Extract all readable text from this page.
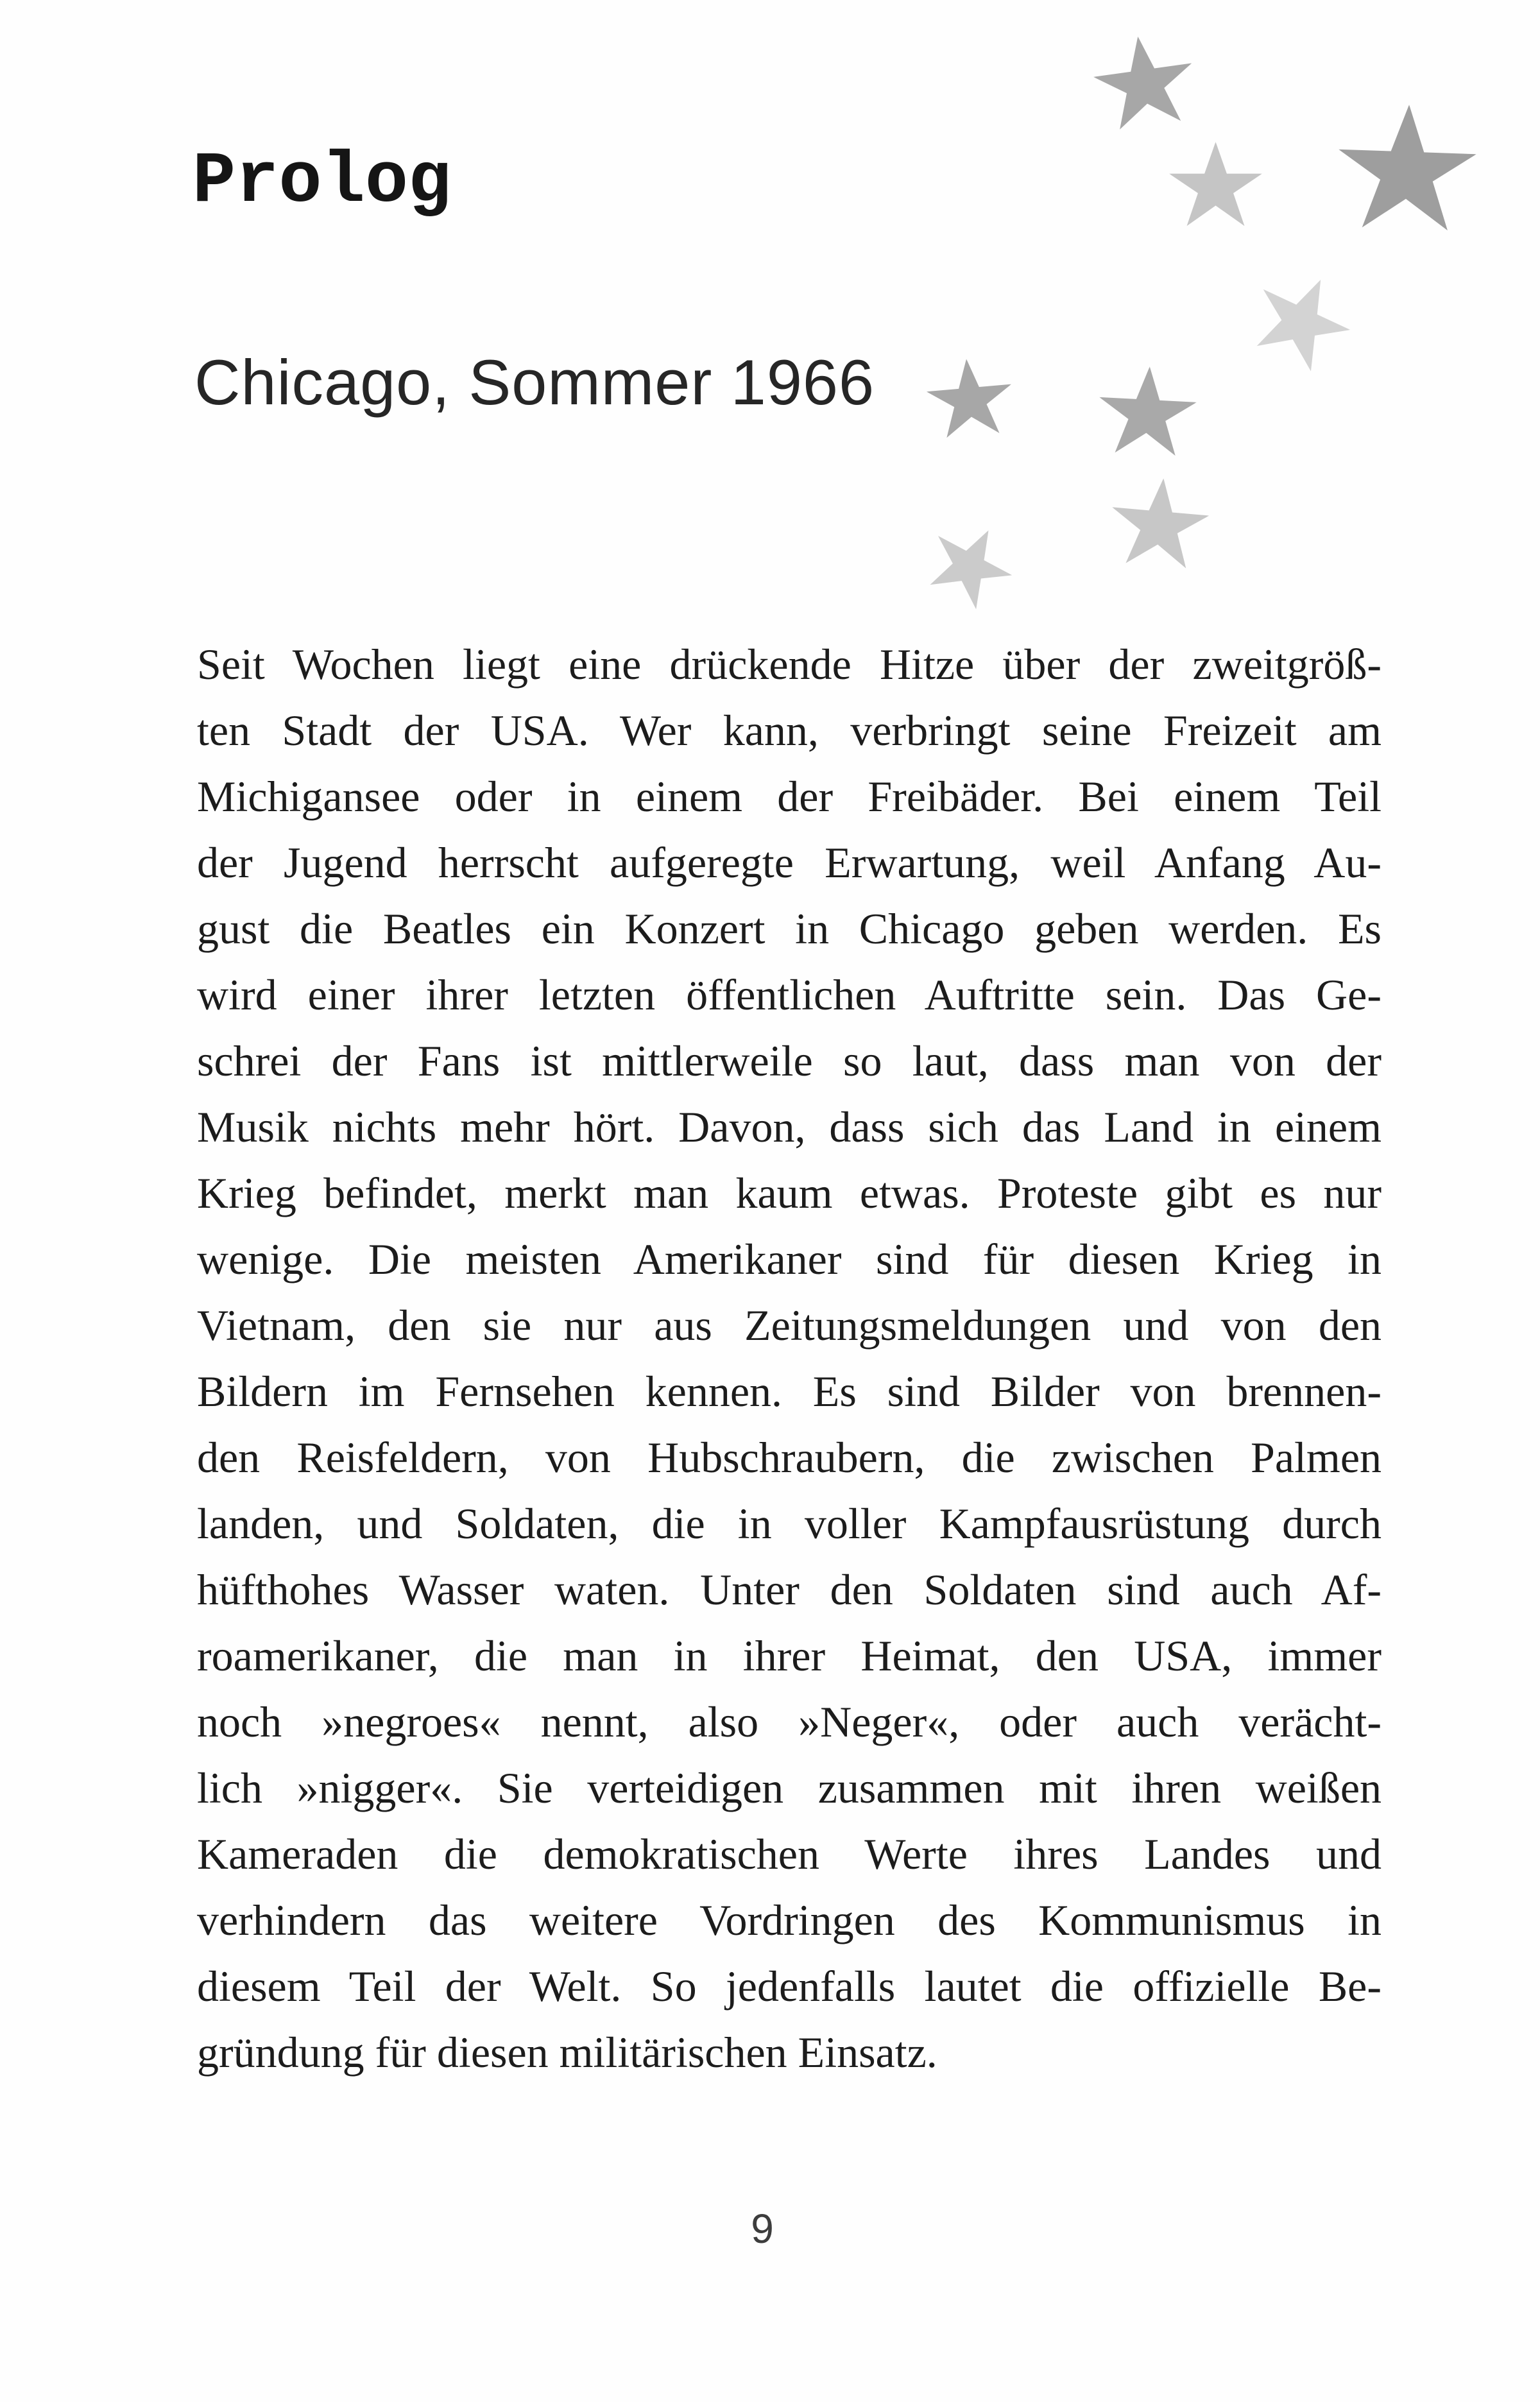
Prolog
Chicago, Sommer 1966
Seit Wochen liegt eine drückende Hitze über der zweitgröß-
ten Stadt der USA. Wer kann, verbringt seine Freizeit am
Michigansee oder in einem der Freibäder. Bei einem Teil
der Jugend herrscht aufgeregte Erwartung, weil Anfang Au-
gust die Beatles ein Konzert in Chicago geben werden. Es
wird einer ihrer letzten öffentlichen Auftritte sein. Das Ge-
schrei der Fans ist mittlerweile so laut, dass man von der
Musik nichts mehr hört. Davon, dass sich das Land in einem
Krieg befindet, merkt man kaum etwas. Proteste gibt es nur
wenige. Die meisten Amerikaner sind für diesen Krieg in
Vietnam, den sie nur aus Zeitungsmeldungen und von den
Bildern im Fernsehen kennen. Es sind Bilder von brennen-
den Reisfeldern, von Hubschraubern, die zwischen Palmen
landen, und Soldaten, die in voller Kampfausrüstung durch
hüfthohes Wasser waten. Unter den Soldaten sind auch Af-
roamerikaner, die man in ihrer Heimat, den USA, immer
noch »negroes« nennt, also »Neger«, oder auch verächt-
lich »nigger«. Sie verteidigen zusammen mit ihren weißen
Kameraden die demokratischen Werte ihres Landes und
verhindern das weitere Vordringen des Kommunismus in
diesem Teil der Welt. So jedenfalls lautet die offizielle Be-
gründung für diesen militärischen Einsatz.
9
